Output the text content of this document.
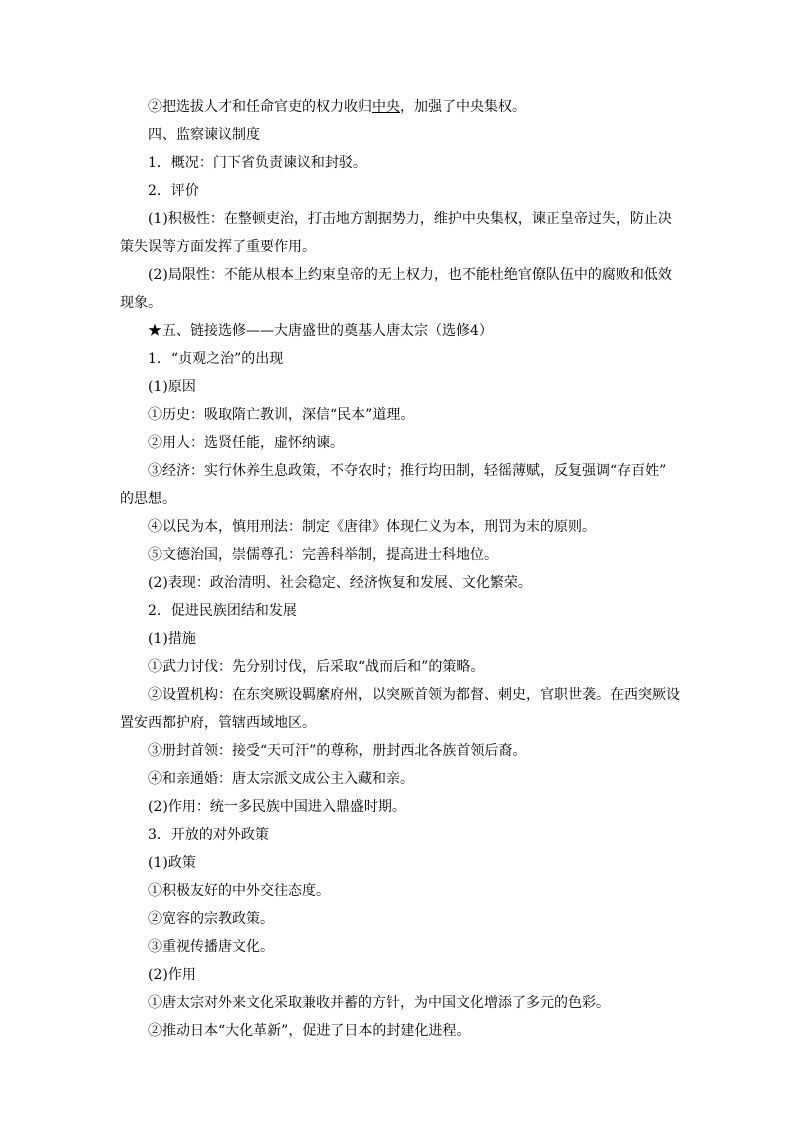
②把选拔人才和任命官吏的权力收归中央，加强了中央集权。

四、监察谏议制度

1．概况：门下省负责谏议和封驳。

2．评价

(1)积极性：在整顿吏治，打击地方割据势力，维护中央集权，谏正皇帝过失，防止决

策失误等方面发挥了重要作用。

(2)局限性：不能从根本上约束皇帝的无上权力，也不能杜绝官僚队伍中的腐败和低效

现象。

★五、链接选修——大唐盛世的奠基人唐太宗（选修4）

1．“贞观之治”的出现

(1)原因

①历史：吸取隋亡教训，深信“民本”道理。

②用人：选贤任能，虚怀纳谏。

③经济：实行休养生息政策，不夺农时；推行均田制，轻徭薄赋，反复强调“存百姓”

的思想。

④以民为本，慎用刑法：制定《唐律》体现仁义为本，刑罚为末的原则。

⑤文德治国，崇儒尊孔：完善科举制，提高进士科地位。

(2)表现：政治清明、社会稳定、经济恢复和发展、文化繁荣。

2．促进民族团结和发展

(1)措施

①武力讨伐：先分别讨伐，后采取“战而后和”的策略。

②设置机构：在东突厥设羁縻府州，以突厥首领为都督、刺史，官职世袭。在西突厥设

置安西都护府，管辖西域地区。

③册封首领：接受“天可汗”的尊称，册封西北各族首领后裔。

④和亲通婚：唐太宗派文成公主入藏和亲。

(2)作用：统一多民族中国进入鼎盛时期。

3．开放的对外政策

(1)政策

①积极友好的中外交往态度。

②宽容的宗教政策。

③重视传播唐文化。

(2)作用

①唐太宗对外来文化采取兼收并蓄的方针，为中国文化增添了多元的色彩。

②推动日本“大化革新”，促进了日本的封建化进程。
